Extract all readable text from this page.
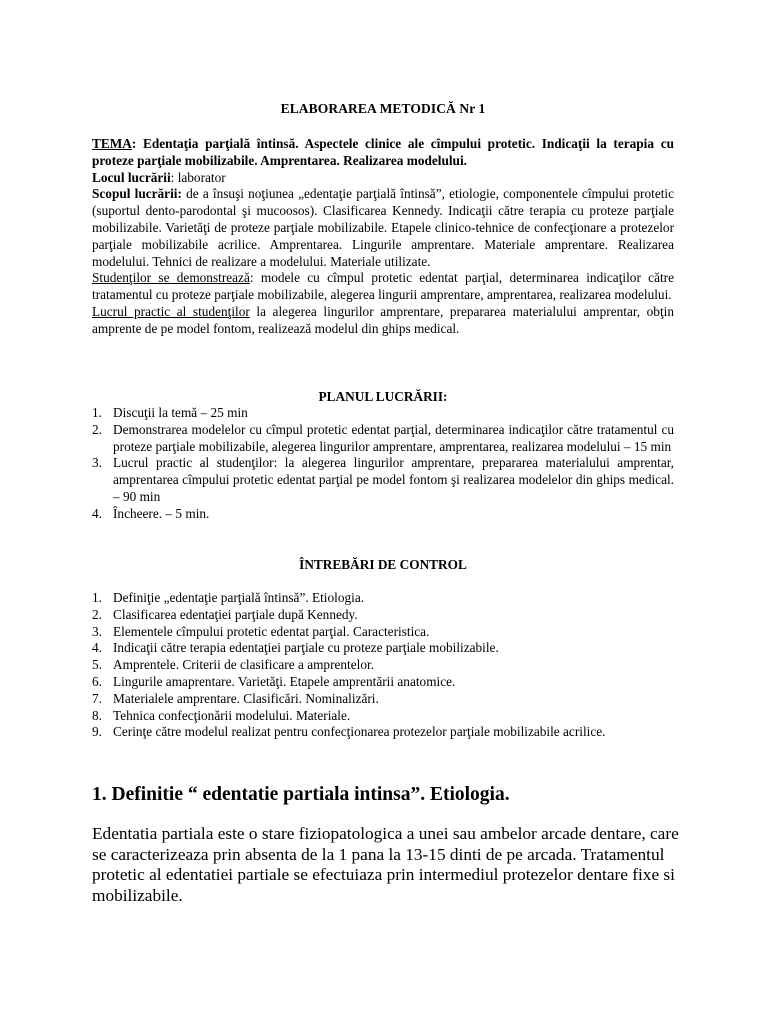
ELABORAREA METODICĂ Nr 1
TEMA: Edentaţia parţială întinsă. Aspectele clinice ale cîmpului protetic. Indicaţii la terapia cu proteze parţiale mobilizabile. Amprentarea. Realizarea modelului.
Locul lucrării: laborator
Scopul lucrării: de a însuşi noţiunea „edentaţie parţială întinsă”, etiologie, componentele cîmpului protetic (suportul dento-parodontal şi mucoosos). Clasificarea Kennedy. Indicaţii către terapia cu proteze parţiale mobilizabile. Varietăţi de proteze parţiale mobilizabile. Etapele clinico-tehnice de confecţionare a protezelor parţiale mobilizabile acrilice. Amprentarea. Lingurile amprentare. Materiale amprentare. Realizarea modelului. Tehnici de realizare a modelului. Materiale utilizate.
Studenţilor se demonstrează: modele cu cîmpul protetic edentat parţial, determinarea indicaţilor către tratamentul cu proteze parţiale mobilizabile, alegerea lingurii amprentare, amprentarea, realizarea modelului.
Lucrul practic al studenţilor la alegerea lingurilor amprentare, prepararea materialului amprentar, obţin amprente de pe model fontom, realizează modelul din ghips medical.
PLANUL LUCRĂRII:
1. Discuţii la temă – 25 min
2. Demonstrarea modelelor cu cîmpul protetic edentat parţial, determinarea indicaţilor către tratamentul cu proteze parţiale mobilizabile, alegerea lingurilor amprentare, amprentarea, realizarea modelului – 15 min
3. Lucrul practic al studenţilor: la alegerea lingurilor amprentare, prepararea materialului amprentar, amprentarea cîmpului protetic edentat parţial pe model fontom şi realizarea modelelor din ghips medical. – 90 min
4. Încheere. – 5 min.
ÎNTREBĂRI DE CONTROL
1. Definiţie „edentaţie parţială întinsă”. Etiologia.
2. Clasificarea edentaţiei parţiale după Kennedy.
3. Elementele cîmpului protetic edentat parţial. Caracteristica.
4. Indicaţii către terapia edentaţiei parţiale cu proteze parţiale mobilizabile.
5. Amprentele. Criterii de clasificare a amprentelor.
6. Lingurile amaprentare. Varietăţi. Etapele amprentării anatomice.
7. Materialele amprentare. Clasificări. Nominalizări.
8. Tehnica confecţionării modelului. Materiale.
9. Cerinţe către modelul realizat pentru confecţionarea protezelor parţiale mobilizabile acrilice.
1. Definitie “ edentatie partiala intinsa”. Etiologia.
Edentatia partiala este o stare fiziopatologica a unei sau ambelor arcade dentare, care se caracterizeaza prin absenta de la 1 pana la 13-15 dinti de pe arcada. Tratamentul protetic al edentatiei partiale se efectuiaza prin intermediul protezelor dentare fixe si mobilizabile.
